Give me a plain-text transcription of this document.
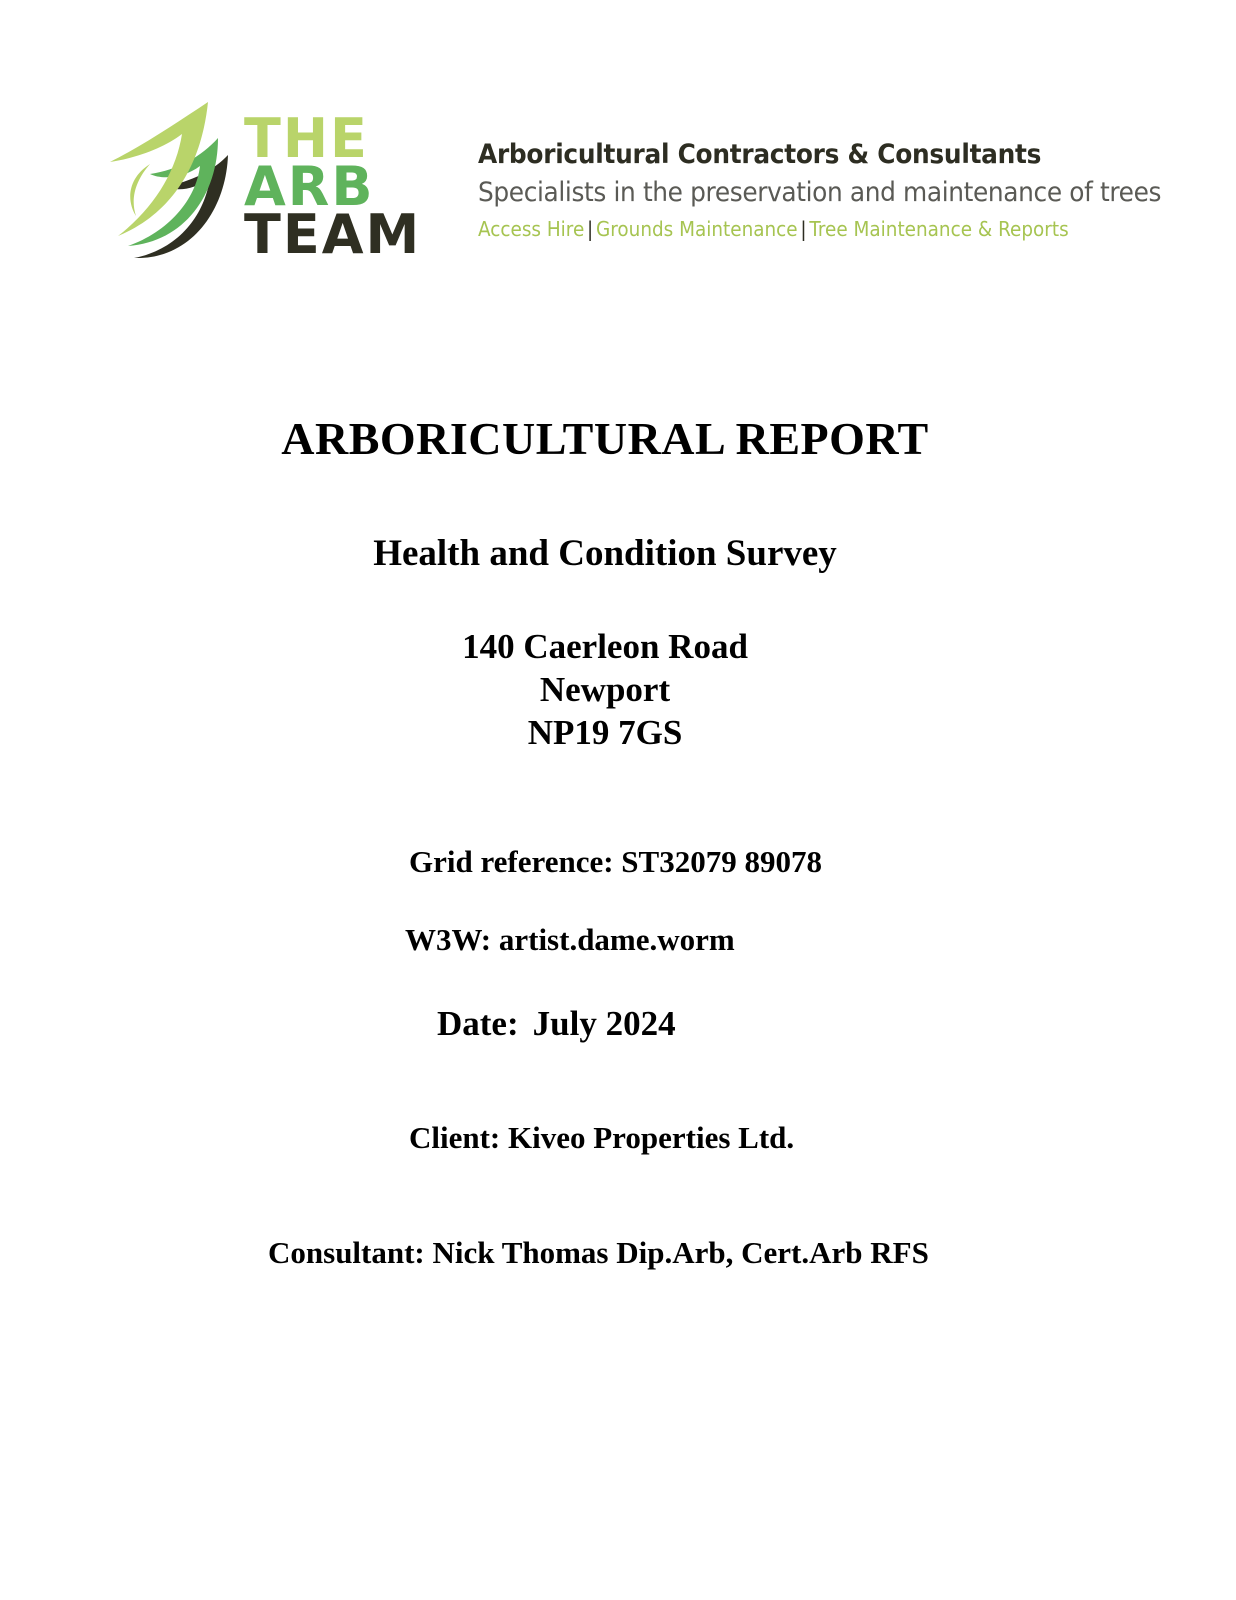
THE
ARB
TEAM

Arboricultural Contractors & Consultants

Specialists in the preservation and maintenance of trees

Access Hire | Grounds Maintenance | Tree Maintenance & Reports

ARBORICULTURAL REPORT
Health and Condition Survey
140 Caerleon Road
Newport
NP19 7GS

Grid reference: ST32079 89078

W3W: artist.dame.worm

Date: July 2024

Client: Kiveo Properties Ltd.

Consultant: Nick Thomas Dip.Arb, Cert.Arb RFS
